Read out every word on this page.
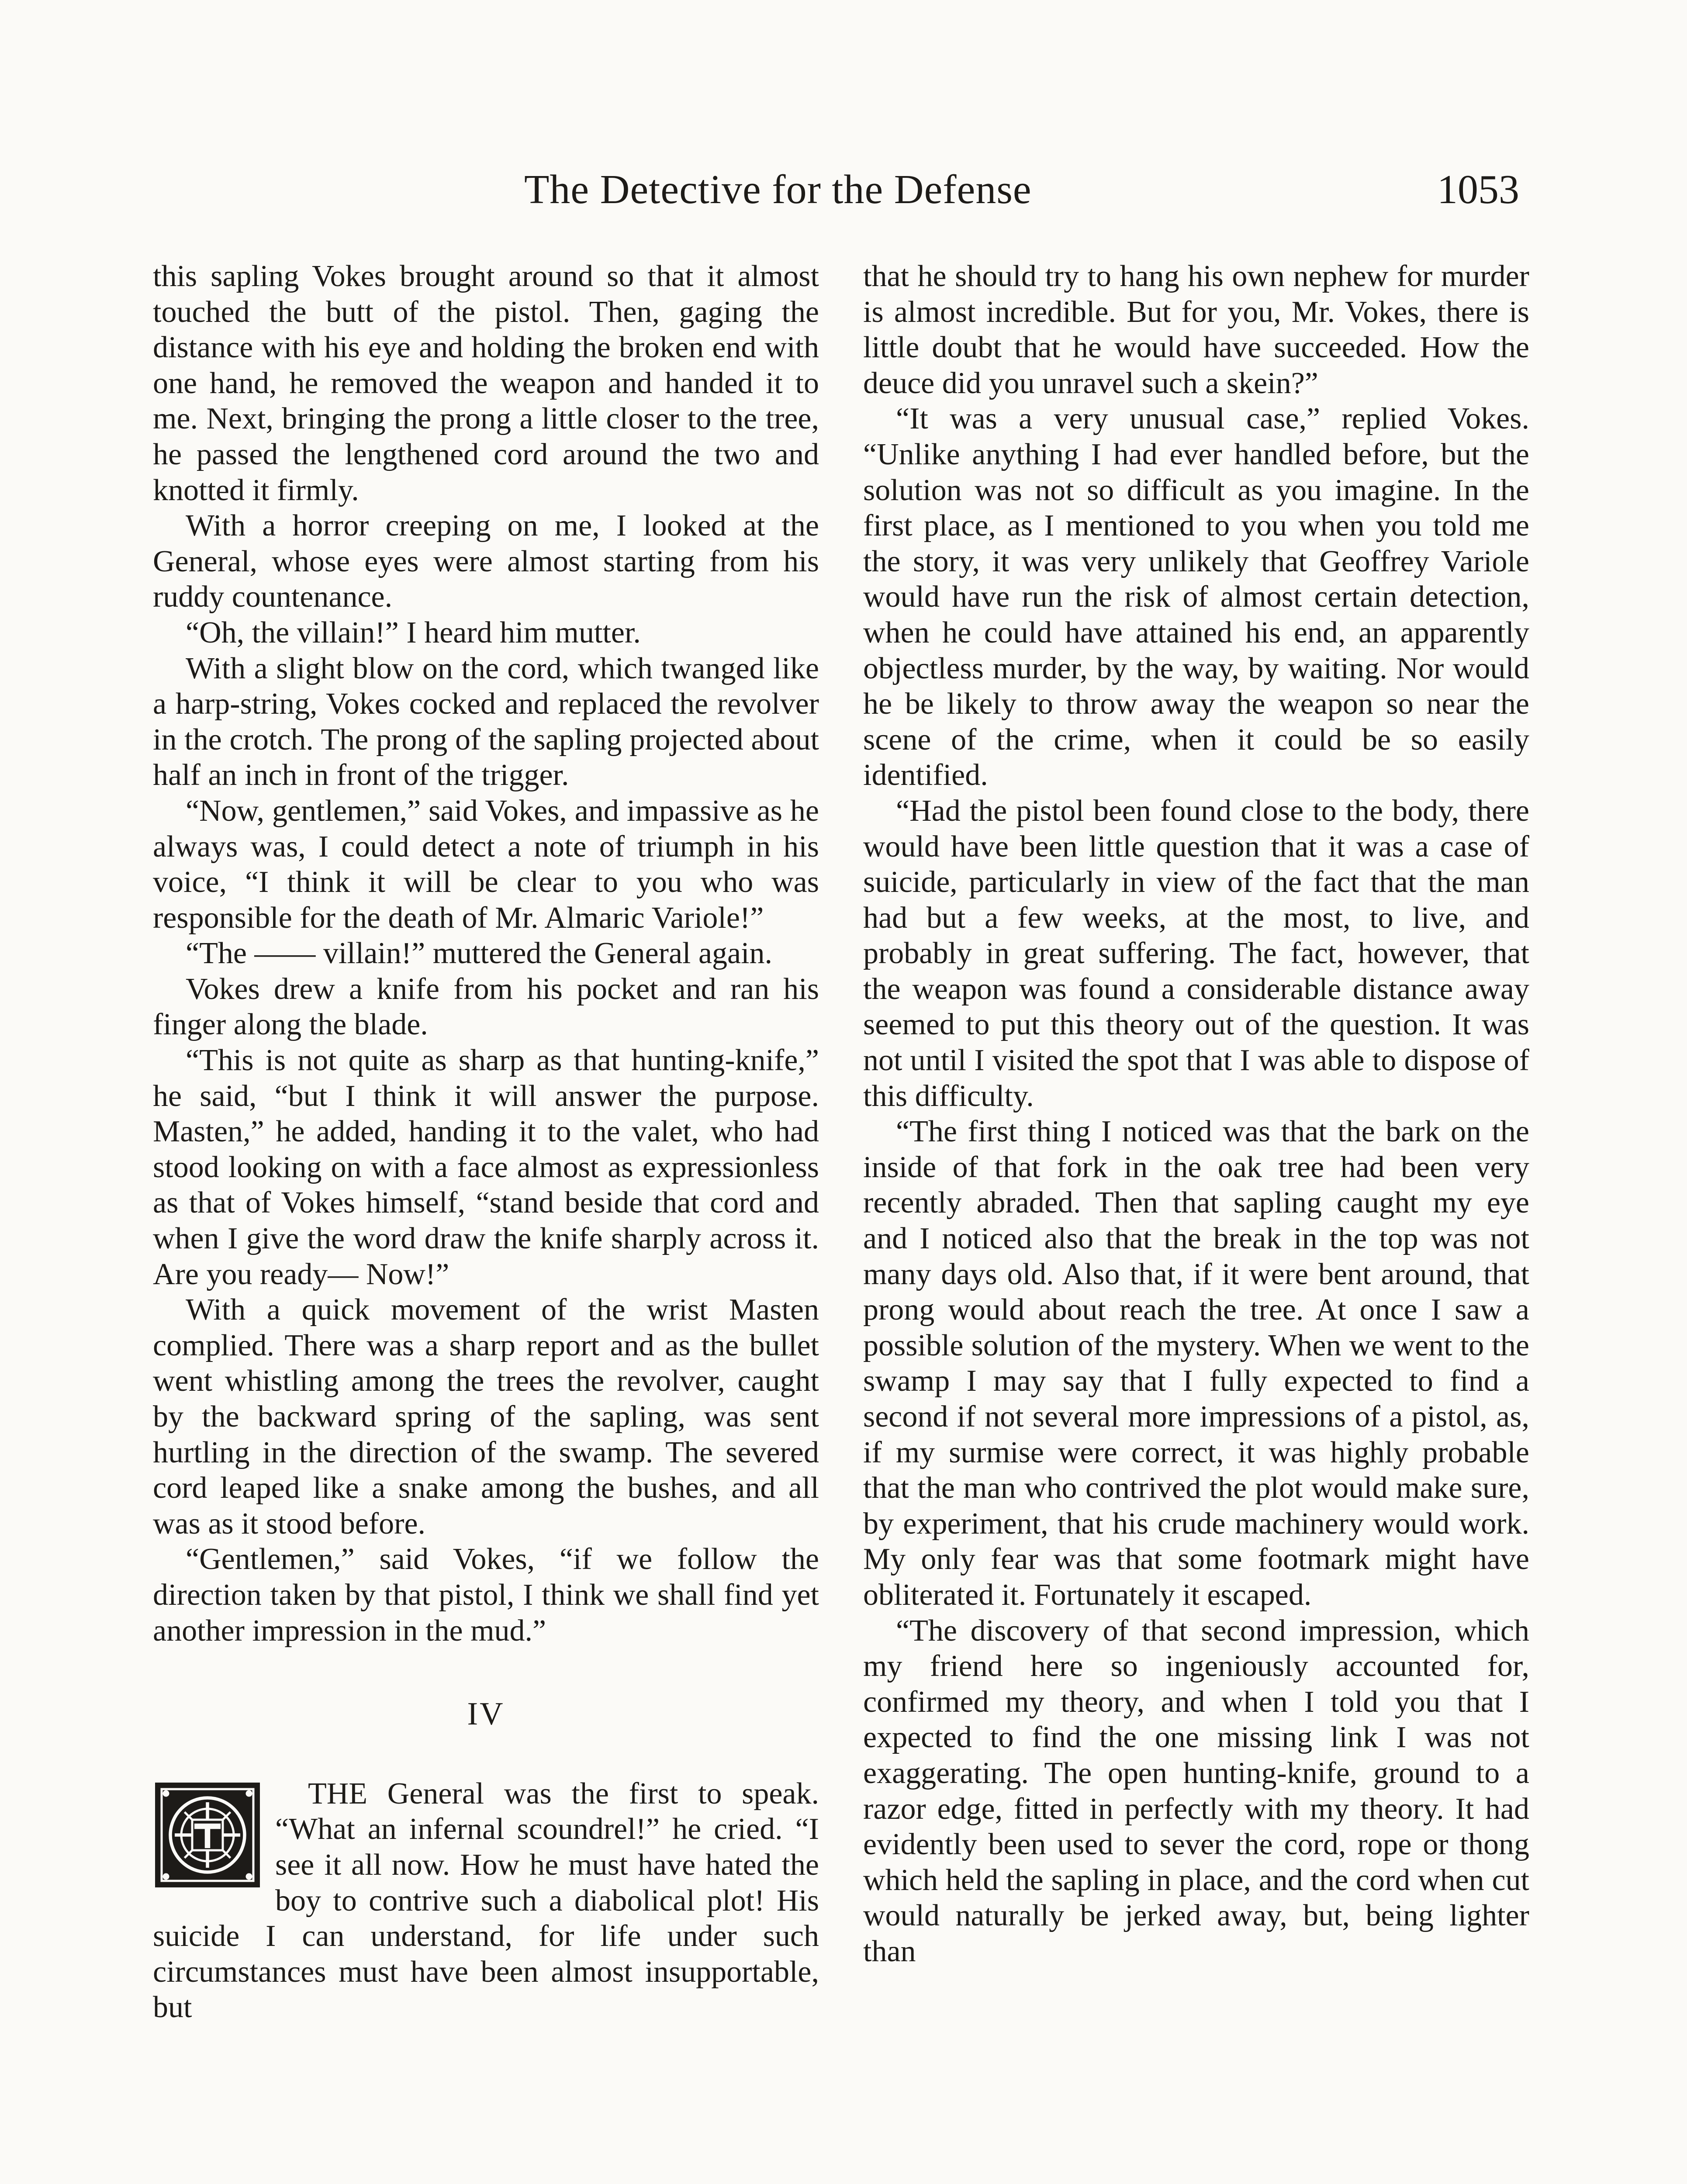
The Detective for the Defense	1053

this sapling Vokes brought around so that it almost touched the butt of the pistol. Then, gaging the distance with his eye and holding the broken end with one hand, he removed the weapon and handed it to me. Next, bringing the prong a little closer to the tree, he passed the lengthened cord around the two and knotted it firmly.

With a horror creeping on me, I looked at the General, whose eyes were almost starting from his ruddy countenance.

“Oh, the villain!” I heard him mutter.

With a slight blow on the cord, which twanged like a harp-string, Vokes cocked and replaced the revolver in the crotch. The prong of the sapling projected about half an inch in front of the trigger.

“Now, gentlemen,” said Vokes, and impassive as he always was, I could detect a note of triumph in his voice, “I think it will be clear to you who was responsible for the death of Mr. Almaric Variole!”

“The —— villain!” muttered the General again.

Vokes drew a knife from his pocket and ran his finger along the blade.

“This is not quite as sharp as that hunting-knife,” he said, “but I think it will answer the purpose. Masten,” he added, handing it to the valet, who had stood looking on with a face almost as expressionless as that of Vokes himself, “stand beside that cord and when I give the word draw the knife sharply across it. Are you ready— Now!”

With a quick movement of the wrist Masten complied. There was a sharp report and as the bullet went whistling among the trees the revolver, caught by the backward spring of the sapling, was sent hurtling in the direction of the swamp. The severed cord leaped like a snake among the bushes, and all was as it stood before.

“Gentlemen,” said Vokes, “if we follow the direction taken by that pistol, I think we shall find yet another impression in the mud.”

IV

THE General was the first to speak. “What an infernal scoundrel!” he cried. “I see it all now. How he must have hated the boy to contrive such a diabolical plot! His suicide I can understand, for life under such circumstances must have been almost insupportable, but

that he should try to hang his own nephew for murder is almost incredible. But for you, Mr. Vokes, there is little doubt that he would have succeeded. How the deuce did you unravel such a skein?”

“It was a very unusual case,” replied Vokes. “Unlike anything I had ever handled before, but the solution was not so difficult as you imagine. In the first place, as I mentioned to you when you told me the story, it was very unlikely that Geoffrey Variole would have run the risk of almost certain detection, when he could have attained his end, an apparently objectless murder, by the way, by waiting. Nor would he be likely to throw away the weapon so near the scene of the crime, when it could be so easily identified.

“Had the pistol been found close to the body, there would have been little question that it was a case of suicide, particularly in view of the fact that the man had but a few weeks, at the most, to live, and probably in great suffering. The fact, however, that the weapon was found a considerable distance away seemed to put this theory out of the question. It was not until I visited the spot that I was able to dispose of this difficulty.

“The first thing I noticed was that the bark on the inside of that fork in the oak tree had been very recently abraded. Then that sapling caught my eye and I noticed also that the break in the top was not many days old. Also that, if it were bent around, that prong would about reach the tree. At once I saw a possible solution of the mystery. When we went to the swamp I may say that I fully expected to find a second if not several more impressions of a pistol, as, if my surmise were correct, it was highly probable that the man who contrived the plot would make sure, by experiment, that his crude machinery would work. My only fear was that some footmark might have obliterated it. Fortunately it escaped.

“The discovery of that second impression, which my friend here so ingeniously accounted for, confirmed my theory, and when I told you that I expected to find the one missing link I was not exaggerating. The open hunting-knife, ground to a razor edge, fitted in perfectly with my theory. It had evidently been used to sever the cord, rope or thong which held the sapling in place, and the cord when cut would naturally be jerked away, but, being lighter than
